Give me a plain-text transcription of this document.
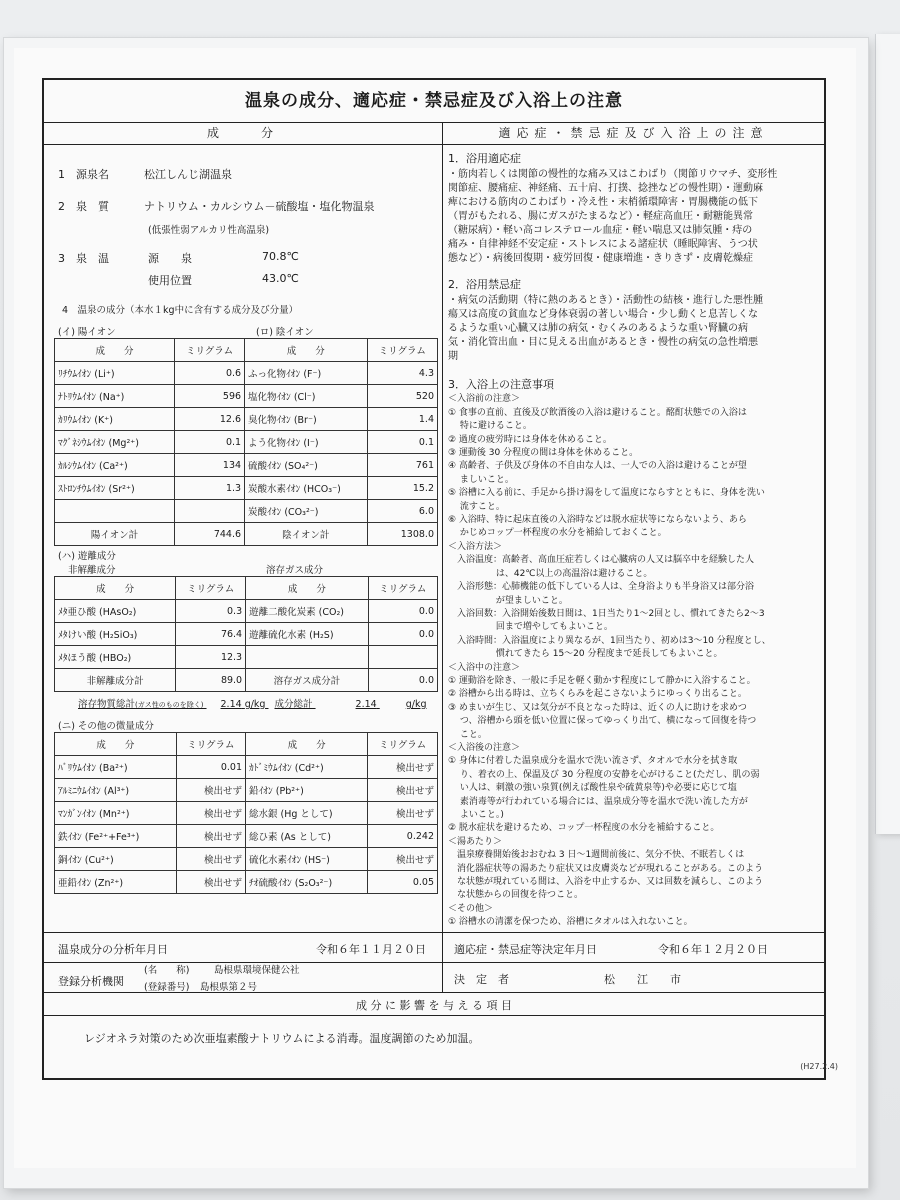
温泉の成分、適応症・禁忌症及び入浴上の注意
成　　分	適応症・禁忌症及び入浴上の注意
1　源泉名	松江しんじ湖温泉
2　泉　質	ナトリウム・カルシウム－硫酸塩・塩化物温泉
(低張性弱アルカリ性高温泉)
3　泉　温	源　　泉	70.8℃
使用位置	43.0℃
4　温泉の成分（本水１kg中に含有する成分及び分量）
(イ) 陽イオン	(ロ) 陰イオン
成　　分	ミリグラム	成　　分	ミリグラム
ﾘﾁｳﾑｲｵﾝ (Li⁺)	0.6	ふっ化物ｲｵﾝ (F⁻)	4.3
ﾅﾄﾘｳﾑｲｵﾝ (Na⁺)	596	塩化物ｲｵﾝ (Cl⁻)	520
ｶﾘｳﾑｲｵﾝ (K⁺)	12.6	臭化物ｲｵﾝ (Br⁻)	1.4
ﾏｸﾞﾈｼｳﾑｲｵﾝ (Mg²⁺)	0.1	よう化物ｲｵﾝ (I⁻)	0.1
ｶﾙｼｳﾑｲｵﾝ (Ca²⁺)	134	硫酸ｲｵﾝ (SO₄²⁻)	761
ｽﾄﾛﾝﾁｳﾑｲｵﾝ (Sr²⁺)	1.3	炭酸水素ｲｵﾝ (HCO₃⁻)	15.2
		炭酸ｲｵﾝ (CO₃²⁻)	6.0
陽イオン計	744.6	陰イオン計	1308.0
(ハ) 遊離成分
非解離成分	溶存ガス成分
成　　分	ミリグラム	成　　分	ミリグラム
ﾒﾀ亜ひ酸 (HAsO₂)	0.3	遊離二酸化炭素 (CO₂)	0.0
ﾒﾀけい酸 (H₂SiO₃)	76.4	遊離硫化水素 (H₂S)	0.0
ﾒﾀほう酸 (HBO₂)	12.3		
非解離成分計	89.0	溶存ガス成分計	0.0
溶存物質総計(ガス性のものを除く) 2.14 g/kg 成分総計	2.14	g/kg
(ニ) その他の微量成分
成　　分	ミリグラム	成　　分	ミリグラム
ﾊﾞﾘｳﾑｲｵﾝ (Ba²⁺)	0.01	ｶﾄﾞﾐｳﾑｲｵﾝ (Cd²⁺)	検出せず
ｱﾙﾐﾆｳﾑｲｵﾝ (Al³⁺)	検出せず	鉛ｲｵﾝ (Pb²⁺)	検出せず
ﾏﾝｶﾞﾝｲｵﾝ (Mn²⁺)	検出せず	総水銀 (Hg として)	検出せず
鉄ｲｵﾝ (Fe²⁺+Fe³⁺)	検出せず	総ひ素 (As として)	0.242
銅ｲｵﾝ (Cu²⁺)	検出せず	硫化水素ｲｵﾝ (HS⁻)	検出せず
亜鉛ｲｵﾝ (Zn²⁺)	検出せず	ﾁｵ硫酸ｲｵﾝ (S₂O₃²⁻)	0.05
1．浴用適応症
・筋肉若しくは関節の慢性的な痛み又はこわばり（関節リウマチ、変形性
関節症、腰痛症、神経痛、五十肩、打撲、捻挫などの慢性期）・運動麻
痺における筋肉のこわばり・冷え性・末梢循環障害・胃腸機能の低下
（胃がもたれる、腸にガスがたまるなど）・軽症高血圧・耐糖能異常
（糖尿病）・軽い高コレステロール血症・軽い喘息又は肺気腫・痔の
痛み・自律神経不安定症・ストレスによる諸症状（睡眠障害、うつ状
態など）・病後回復期・疲労回復・健康増進・きりきず・皮膚乾燥症
2．浴用禁忌症
・病気の活動期（特に熱のあるとき）・活動性の結核・進行した悪性腫
瘍又は高度の貧血など身体衰弱の著しい場合・少し動くと息苦しくな
るような重い心臓又は肺の病気・むくみのあるような重い腎臓の病
気・消化管出血・目に見える出血があるとき・慢性の病気の急性増悪
期
3．入浴上の注意事項
＜入浴前の注意＞
① 食事の直前、直後及び飲酒後の入浴は避けること。酩酊状態での入浴は
　 特に避けること。
② 過度の疲労時には身体を休めること。
③ 運動後 30 分程度の間は身体を休めること。
④ 高齢者、子供及び身体の不自由な人は、一人での入浴は避けることが望
　 ましいこと。
⑤ 浴槽に入る前に、手足から掛け湯をして温度にならすとともに、身体を洗い
　 流すこと。
⑥ 入浴時、特に起床直後の入浴時などは脱水症状等にならないよう、あら
　 かじめコップ一杯程度の水分を補給しておくこと。
＜入浴方法＞
　入浴温度：高齢者、高血圧症若しくは心臓病の人又は脳卒中を経験した人
　　　　　 は、42℃以上の高温浴は避けること。
　入浴形態：心肺機能の低下している人は、全身浴よりも半身浴又は部分浴
　　　　　 が望ましいこと。
　入浴回数：入浴開始後数日間は、1日当たり1～2回とし、慣れてきたら2～3
　　　　　 回まで増やしてもよいこと。
　入浴時間：入浴温度により異なるが、1回当たり、初めは3～10 分程度とし、
　　　　　 慣れてきたら 15～20 分程度まで延長してもよいこと。
＜入浴中の注意＞
① 運動浴を除き、一般に手足を軽く動かす程度にして静かに入浴すること。
② 浴槽から出る時は、立ちくらみを起こさないようにゆっくり出ること。
③ めまいが生じ、又は気分が不良となった時は、近くの人に助けを求めつ
　 つ、浴槽から頭を低い位置に保ってゆっくり出て、横になって回復を待つ
　 こと。
＜入浴後の注意＞
① 身体に付着した温泉成分を温水で洗い流さず、タオルで水分を拭き取
　 り、着衣の上、保温及び 30 分程度の安静を心がけること(ただし、肌の弱
　 い人は、刺激の強い泉質(例えば酸性泉や硫黄泉等)や必要に応じて塩
　 素消毒等が行われている場合には、温泉成分等を温水で洗い流した方が
　 よいこと。)
② 脱水症状を避けるため、コップ一杯程度の水分を補給すること。
＜湯あたり＞
　温泉療養開始後おおむね 3 日～1週間前後に、気分不快、不眠若しくは
　消化器症状等の湯あたり症状又は皮膚炎などが現れることがある。このよう
　な状態が現れている間は、入浴を中止するか、又は回数を減らし、このよう
　な状態からの回復を待つこと。
＜その他＞
① 浴槽水の清潔を保つため、浴槽にタオルは入れないこと。
温泉成分の分析年月日	令和６年１１月２０日	適応症・禁忌症等決定年月日	令和６年１２月２０日
登録分析機関
(名　　称)	島根県環境保健公社
(登録番号) 島根県第２号
決　定　者	松　　江　　市
成 分 に 影 響 を 与 え る 項 目
レジオネラ対策のため次亜塩素酸ナトリウムによる消毒。温度調節のため加温。
(H27.2.4)
